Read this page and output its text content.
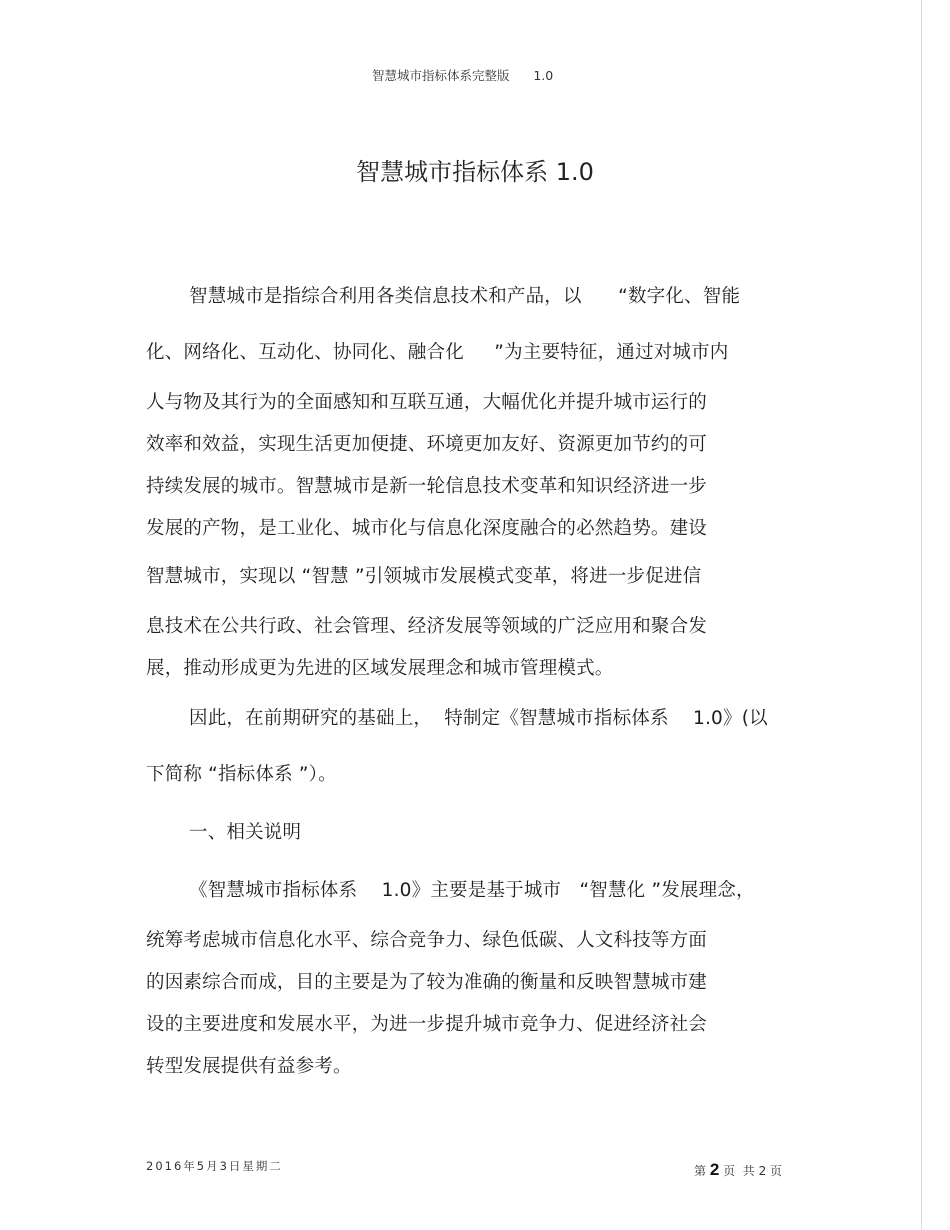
智慧城市指标体系完整版      1.0
智慧城市指标体系 1.0
智慧城市是指综合利用各类信息技术和产品，以      “数字化、智能
化、网络化、互动化、协同化、融合化     ”为主要特征，通过对城市内
人与物及其行为的全面感知和互联互通，大幅优化并提升城市运行的
效率和效益，实现生活更加便捷、环境更加友好、资源更加节约的可
持续发展的城市。智慧城市是新一轮信息技术变革和知识经济进一步
发展的产物，是工业化、城市化与信息化深度融合的必然趋势。建设
智慧城市，实现以 “智慧 ”引领城市发展模式变革，将进一步促进信
息技术在公共行政、社会管理、经济发展等领域的广泛应用和聚合发
展，推动形成更为先进的区域发展理念和城市管理模式。
因此，在前期研究的基础上，  特制定《智慧城市指标体系    1.0》(以
下简称 “指标体系 ”）。
一、相关说明
《智慧城市指标体系    1.0》主要是基于城市   “智慧化 ”发展理念，
统筹考虑城市信息化水平、综合竞争力、绿色低碳、人文科技等方面
的因素综合而成，目的主要是为了较为准确的衡量和反映智慧城市建
设的主要进度和发展水平，为进一步提升城市竞争力、促进经济社会
转型发展提供有益参考。
2016年5月3日星期二	第 2 页  共 2 页
